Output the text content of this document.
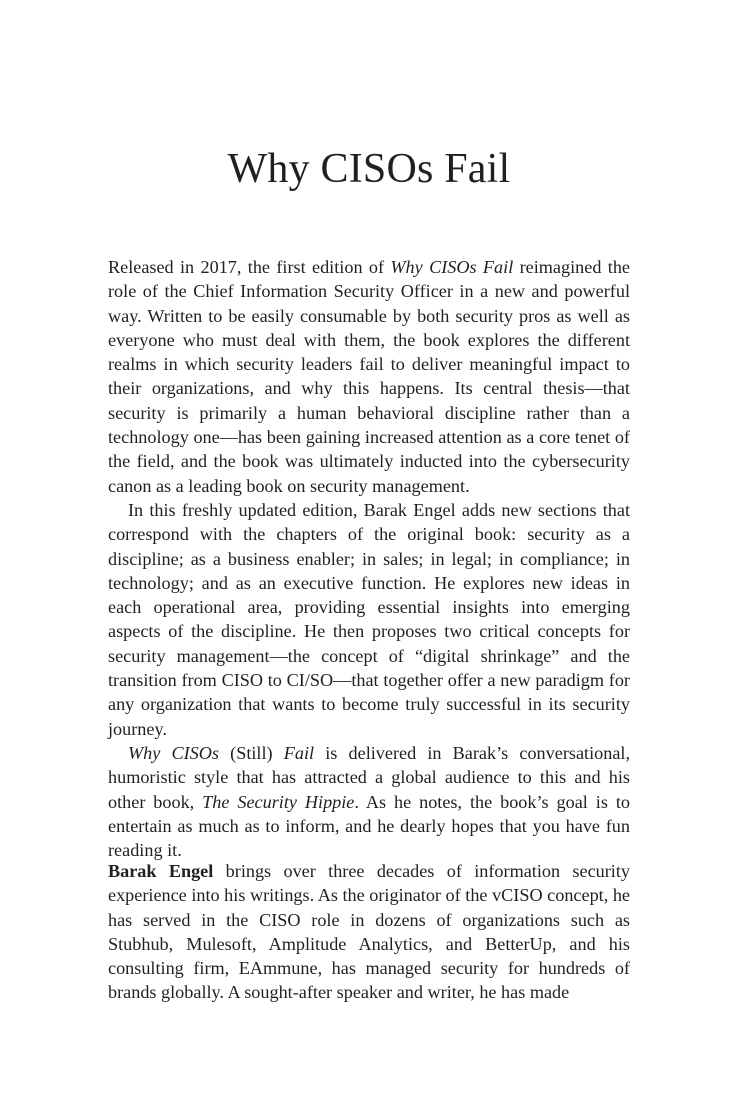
Why CISOs Fail

Released in 2017, the first edition of Why CISOs Fail reimagined the role of the Chief Information Security Officer in a new and powerful way. Written to be easily consumable by both security pros as well as everyone who must deal with them, the book explores the different realms in which security leaders fail to deliver meaningful impact to their organizations, and why this happens. Its central thesis—that security is primarily a human behavioral discipline rather than a technology one—has been gaining increased attention as a core tenet of the field, and the book was ultimately inducted into the cybersecurity canon as a leading book on security management.

In this freshly updated edition, Barak Engel adds new sections that correspond with the chapters of the original book: security as a discipline; as a business enabler; in sales; in legal; in compliance; in technology; and as an executive function. He explores new ideas in each operational area, providing essential insights into emerging aspects of the discipline. He then proposes two critical concepts for security management—the concept of “digital shrinkage” and the transition from CISO to CI/SO—that together offer a new paradigm for any organization that wants to become truly successful in its security journey.

Why CISOs (Still) Fail is delivered in Barak’s conversational, humoristic style that has attracted a global audience to this and his other book, The Security Hippie. As he notes, the book’s goal is to entertain as much as to inform, and he dearly hopes that you have fun reading it.

Barak Engel brings over three decades of information security experience into his writings. As the originator of the vCISO concept, he has served in the CISO role in dozens of organizations such as Stubhub, Mulesoft, Amplitude Analytics, and BetterUp, and his consulting firm, EAmmune, has managed security for hundreds of brands globally. A sought-after speaker and writer, he has made
